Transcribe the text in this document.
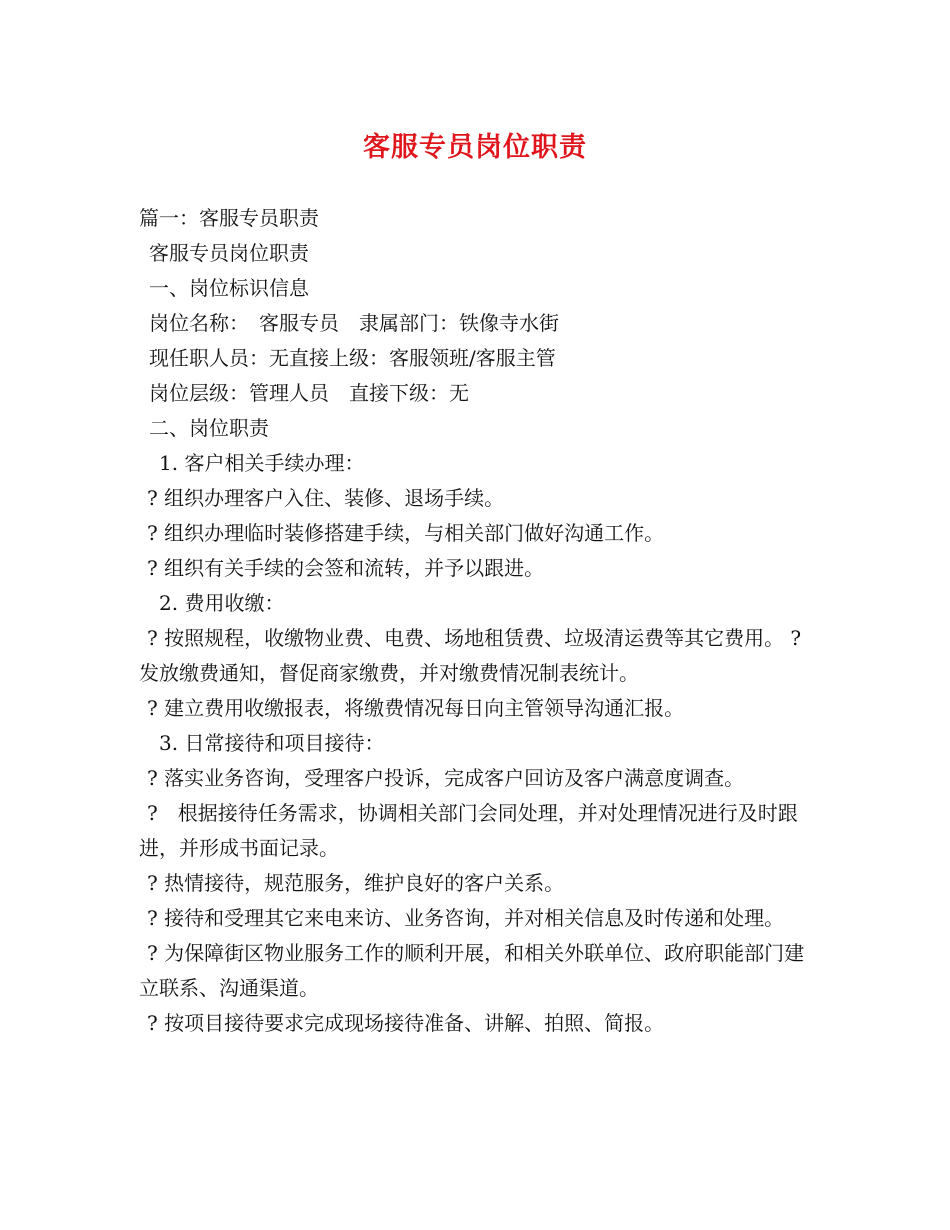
客服专员岗位职责
篇一：客服专员职责
客服专员岗位职责
一、岗位标识信息
岗位名称：　客服专员　隶属部门：铁像寺水街
现任职人员：无直接上级：客服领班/客服主管
岗位层级：管理人员　直接下级：无
二、岗位职责
1. 客户相关手续办理：
? 组织办理客户入住、装修、退场手续。
? 组织办理临时装修搭建手续，与相关部门做好沟通工作。
? 组织有关手续的会签和流转，并予以跟进。
2. 费用收缴：
? 按照规程，收缴物业费、电费、场地租赁费、垃圾清运费等其它费用。 ? 发放缴费通知，督促商家缴费，并对缴费情况制表统计。
? 建立费用收缴报表，将缴费情况每日向主管领导沟通汇报。
3. 日常接待和项目接待：
? 落实业务咨询，受理客户投诉，完成客户回访及客户满意度调查。
?　根据接待任务需求，协调相关部门会同处理，并对处理情况进行及时跟进，并形成书面记录。
? 热情接待，规范服务，维护良好的客户关系。
? 接待和受理其它来电来访、业务咨询，并对相关信息及时传递和处理。
? 为保障街区物业服务工作的顺利开展，和相关外联单位、政府职能部门建立联系、沟通渠道。
? 按项目接待要求完成现场接待准备、讲解、拍照、简报。
